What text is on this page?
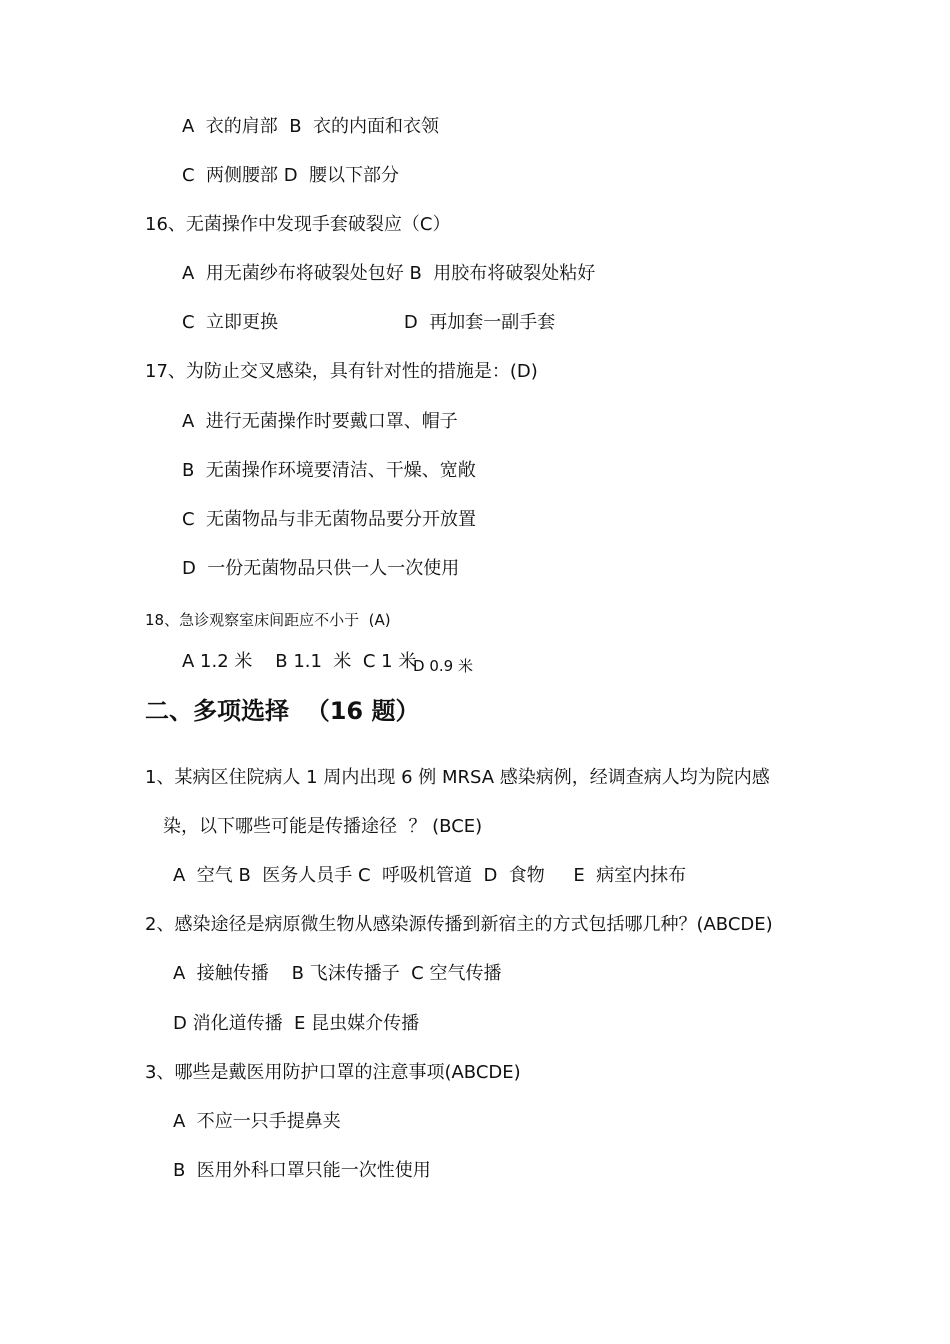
A  衣的肩部  B  衣的内面和衣领
C  两侧腰部 D  腰以下部分
16、无菌操作中发现手套破裂应（C）
A  用无菌纱布将破裂处包好 B  用胶布将破裂处粘好
C  立即更换                      D  再加套一副手套
17、为防止交叉感染，具有针对性的措施是：(D)
A  进行无菌操作时要戴口罩、帽子
B  无菌操作环境要清洁、干燥、宽敞
C  无菌物品与非无菌物品要分开放置
D  一份无菌物品只供一人一次使用
18、急诊观察室床间距应不小于  (A)
A 1.2 米    B 1.1  米  C 1 米
D 0.9 米
二、多项选择  （16 题）
1、某病区住院病人 1 周内出现 6 例 MRSA 感染病例，经调查病人均为院内感
染，以下哪些可能是传播途径  ？ (BCE)
A  空气 B  医务人员手 C  呼吸机管道  D  食物     E  病室内抹布
2、感染途径是病原微生物从感染源传播到新宿主的方式包括哪几种？(ABCDE)
A  接触传播    B 飞沫传播子  C 空气传播
D 消化道传播  E 昆虫媒介传播
3、哪些是戴医用防护口罩的注意事项(ABCDE)
A  不应一只手提鼻夹
B  医用外科口罩只能一次性使用
